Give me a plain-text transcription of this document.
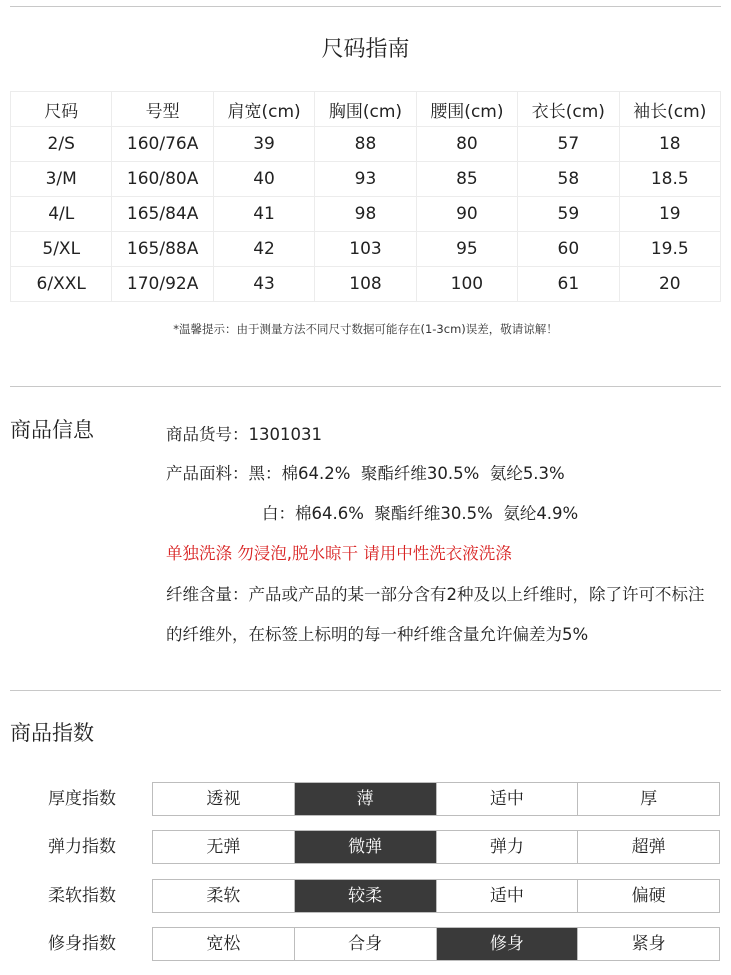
尺码指南
尺码	号型	肩宽(cm)	胸围(cm)	腰围(cm)	衣长(cm)	袖长(cm)
2/S	160/76A	39	88	80	57	18
3/M	160/80A	40	93	85	58	18.5
4/L	165/84A	41	98	90	59	19
5/XL	165/88A	42	103	95	60	19.5
6/XXL	170/92A	43	108	100	61	20
*温馨提示：由于测量方法不同尺寸数据可能存在(1-3cm)误差，敬请谅解！
商品信息	商品货号：1301031
产品面料：黑：棉64.2%  聚酯纤维30.5%  氨纶5.3%
白：棉64.6%  聚酯纤维30.5%  氨纶4.9%
单独洗涤 勿浸泡,脱水晾干 请用中性洗衣液洗涤
纤维含量：产品或产品的某一部分含有2种及以上纤维时，除了许可不标注的纤维外，在标签上标明的每一种纤维含量允许偏差为5%
商品指数
厚度指数	透视	薄	适中	厚
弹力指数	无弹	微弹	弹力	超弹
柔软指数	柔软	较柔	适中	偏硬
修身指数	宽松	合身	修身	紧身
